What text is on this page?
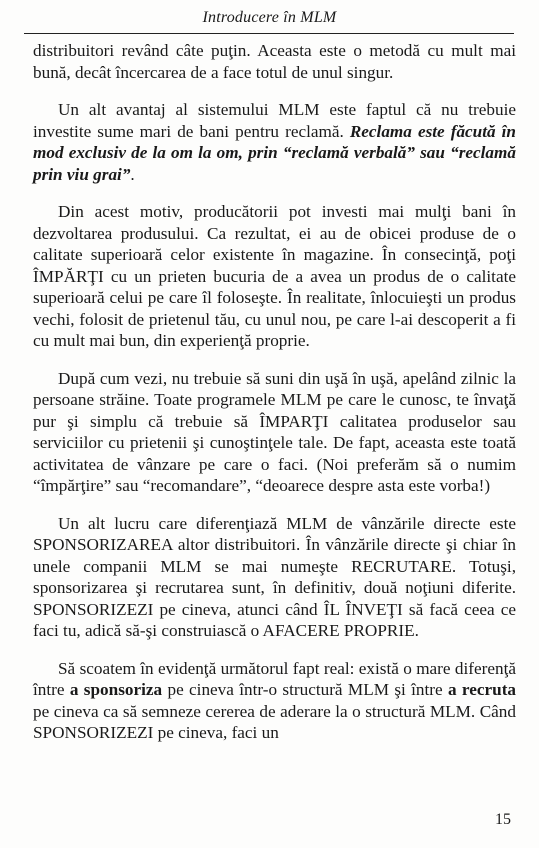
Introducere în MLM

distribuitori revând câte puţin. Aceasta este o metodă cu mult mai bună, decât încercarea de a face totul de unul singur.

Un alt avantaj al sistemului MLM este faptul că nu trebuie investite sume mari de bani pentru reclamă. Reclama este făcută în mod exclusiv de la om la om, prin “reclamă verbală” sau “reclamă prin viu grai”.

Din acest motiv, producătorii pot investi mai mulţi bani în dezvoltarea produsului. Ca rezultat, ei au de obicei produse de o calitate superioară celor existente în magazine. În consecinţă, poţi ÎMPĂRŢI cu un prieten bucuria de a avea un produs de o calitate superioară celui pe care îl foloseşte. În realitate, înlocuieşti un produs vechi, folosit de prietenul tău, cu unul nou, pe care l-ai descoperit a fi cu mult mai bun, din experienţă proprie.

După cum vezi, nu trebuie să suni din uşă în uşă, apelând zilnic la persoane străine. Toate programele MLM pe care le cunosc, te învaţă pur şi simplu că trebuie să ÎMPARŢI calitatea produselor sau serviciilor cu prietenii şi cunoştinţele tale. De fapt, aceasta este toată activitatea de vânzare pe care o faci. (Noi preferăm să o numim “împărţire” sau “recomandare”, “deoarece despre asta este vorba!)

Un alt lucru care diferenţiază MLM de vânzările directe este SPONSORIZAREA altor distribuitori. În vânzările directe şi chiar în unele companii MLM se mai numeşte RECRUTARE. Totuşi, sponsorizarea şi recrutarea sunt, în definitiv, două noţiuni diferite. SPONSORIZEZI pe cineva, atunci când ÎL ÎNVEŢI să facă ceea ce faci tu, adică să-şi construiască o AFACERE PROPRIE.

Să scoatem în evidenţă următorul fapt real: există o mare diferenţă între a sponsoriza pe cineva într-o structură MLM şi între a recruta pe cineva ca să semneze cererea de aderare la o structură MLM. Când SPONSORIZEZI pe cineva, faci un

15
